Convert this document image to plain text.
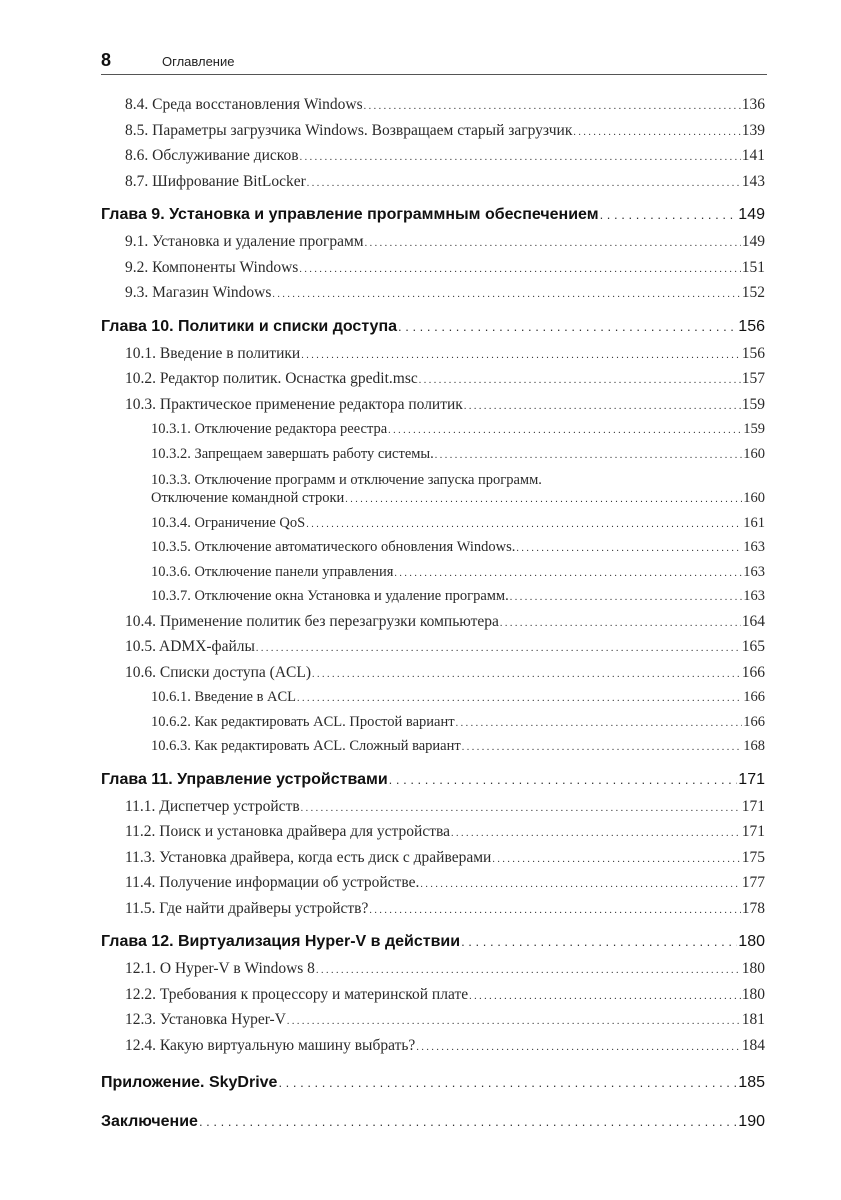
8	Оглавление
8.4. Среда восстановления Windows . . .	136
8.5. Параметры загрузчика Windows. Возвращаем старый загрузчик . . .	139
8.6. Обслуживание дисков . . .	141
8.7. Шифрование BitLocker . . .	143
Глава 9. Установка и управление программным обеспечением . . .	149
9.1. Установка и удаление программ . . .	149
9.2. Компоненты Windows . . .	151
9.3. Магазин Windows . . .	152
Глава 10. Политики и списки доступа . . .	156
10.1. Введение в политики . . .	156
10.2. Редактор политик. Оснастка gpedit.msc . . .	157
10.3. Практическое применение редактора политик . . .	159
10.3.1. Отключение редактора реестра . . .	159
10.3.2. Запрещаем завершать работу системы. . . .	160
10.3.3. Отключение программ и отключение запуска программ.
Отключение командной строки . . .	160
10.3.4. Ограничение QoS . . .	161
10.3.5. Отключение автоматического обновления Windows. . . .	163
10.3.6. Отключение панели управления . . .	163
10.3.7. Отключение окна Установка и удаление программ. . . .	163
10.4. Применение политик без перезагрузки компьютера . . .	164
10.5. ADMX-файлы . . .	165
10.6. Списки доступа (ACL) . . .	166
10.6.1. Введение в ACL . . .	166
10.6.2. Как редактировать ACL. Простой вариант . . .	166
10.6.3. Как редактировать ACL. Сложный вариант . . .	168
Глава 11. Управление устройствами . . .	171
11.1. Диспетчер устройств . . .	171
11.2. Поиск и установка драйвера для устройства . . .	171
11.3. Установка драйвера, когда есть диск с драйверами . . .	175
11.4. Получение информации об устройстве. . . .	177
11.5. Где найти драйверы устройств? . . .	178
Глава 12. Виртуализация Hyper-V в действии . . .	180
12.1. О Hyper-V в Windows 8 . . .	180
12.2. Требования к процессору и материнской плате . . .	180
12.3. Установка Hyper-V . . .	181
12.4. Какую виртуальную машину выбрать? . . .	184
Приложение. SkyDrive . . .	185
Заключение . . .	190
